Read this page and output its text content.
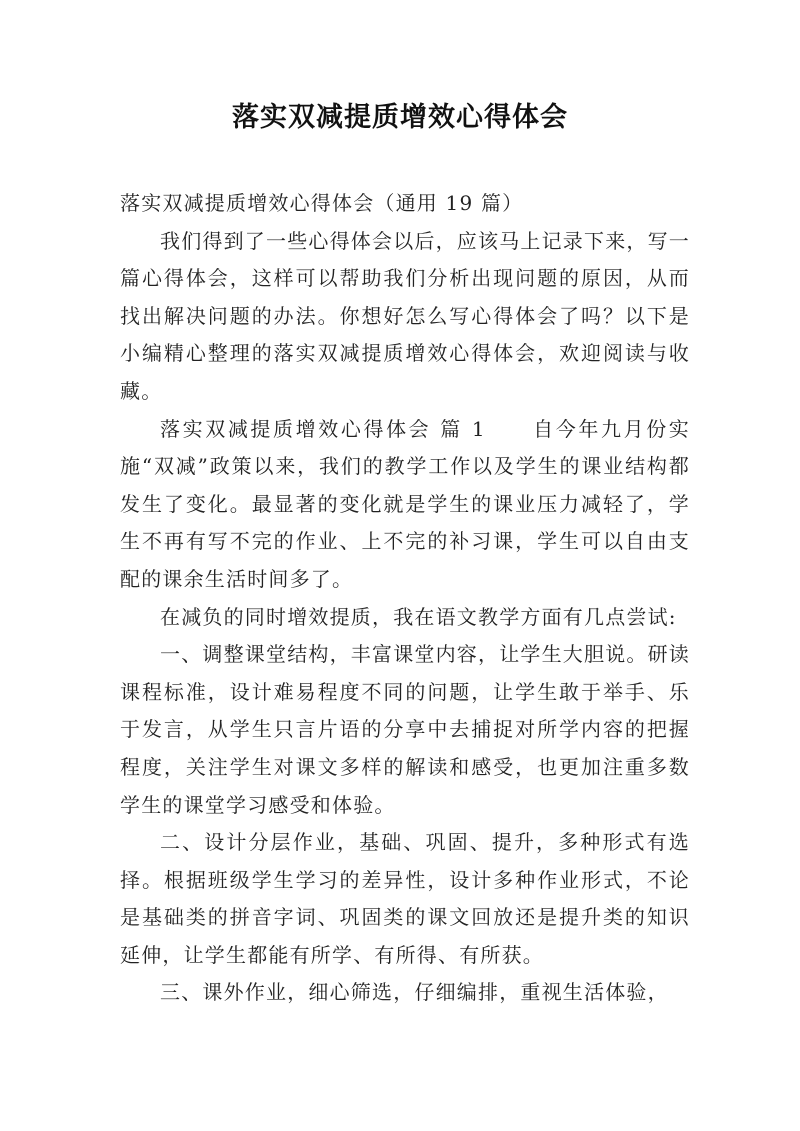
落实双减提质增效心得体会

落实双减提质增效心得体会（通用 19 篇）

我们得到了一些心得体会以后，应该马上记录下来，写一篇心得体会，这样可以帮助我们分析出现问题的原因，从而找出解决问题的办法。你想好怎么写心得体会了吗？以下是小编精心整理的落实双减提质增效心得体会，欢迎阅读与收藏。

落实双减提质增效心得体会 篇 1 自今年九月份实施“双减”政策以来，我们的教学工作以及学生的课业结构都发生了变化。最显著的变化就是学生的课业压力减轻了，学生不再有写不完的作业、上不完的补习课，学生可以自由支配的课余生活时间多了。

在减负的同时增效提质，我在语文教学方面有几点尝试:

一、调整课堂结构，丰富课堂内容，让学生大胆说。研读课程标准，设计难易程度不同的问题，让学生敢于举手、乐于发言，从学生只言片语的分享中去捕捉对所学内容的把握程度，关注学生对课文多样的解读和感受，也更加注重多数学生的课堂学习感受和体验。

二、设计分层作业，基础、巩固、提升，多种形式有选择。根据班级学生学习的差异性，设计多种作业形式，不论是基础类的拼音字词、巩固类的课文回放还是提升类的知识延伸，让学生都能有所学、有所得、有所获。

三、课外作业，细心筛选，仔细编排，重视生活体验，
